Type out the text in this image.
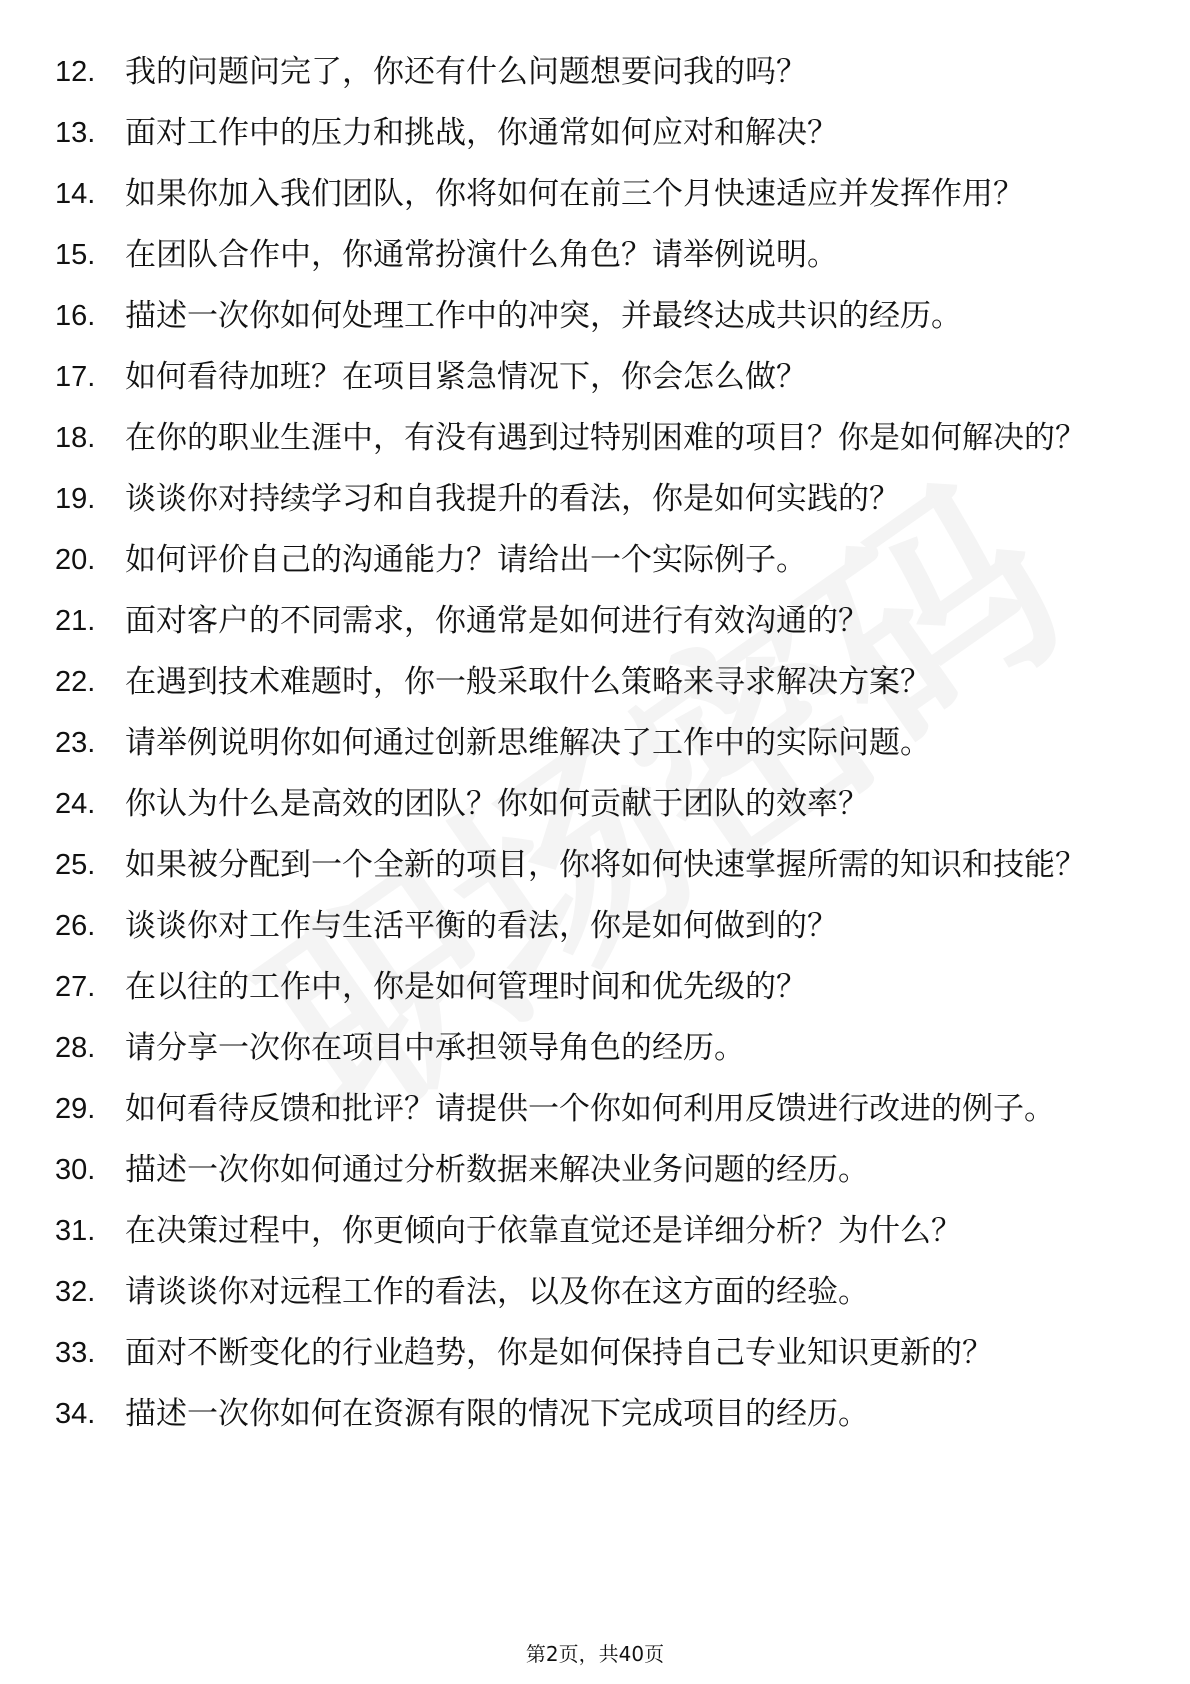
12. 我的问题问完了，你还有什么问题想要问我的吗？
13. 面对工作中的压力和挑战，你通常如何应对和解决？
14. 如果你加入我们团队，你将如何在前三个月快速适应并发挥作用？
15. 在团队合作中，你通常扮演什么角色？请举例说明。
16. 描述一次你如何处理工作中的冲突，并最终达成共识的经历。
17. 如何看待加班？在项目紧急情况下，你会怎么做？
18. 在你的职业生涯中，有没有遇到过特别困难的项目？你是如何解决的？
19. 谈谈你对持续学习和自我提升的看法，你是如何实践的？
20. 如何评价自己的沟通能力？请给出一个实际例子。
21. 面对客户的不同需求，你通常是如何进行有效沟通的？
22. 在遇到技术难题时，你一般采取什么策略来寻求解决方案？
23. 请举例说明你如何通过创新思维解决了工作中的实际问题。
24. 你认为什么是高效的团队？你如何贡献于团队的效率？
25. 如果被分配到一个全新的项目，你将如何快速掌握所需的知识和技能？
26. 谈谈你对工作与生活平衡的看法，你是如何做到的？
27. 在以往的工作中，你是如何管理时间和优先级的？
28. 请分享一次你在项目中承担领导角色的经历。
29. 如何看待反馈和批评？请提供一个你如何利用反馈进行改进的例子。
30. 描述一次你如何通过分析数据来解决业务问题的经历。
31. 在决策过程中，你更倾向于依靠直觉还是详细分析？为什么？
32. 请谈谈你对远程工作的看法，以及你在这方面的经验。
33. 面对不断变化的行业趋势，你是如何保持自己专业知识更新的？
34. 描述一次你如何在资源有限的情况下完成项目的经历。
第2页，共40页
